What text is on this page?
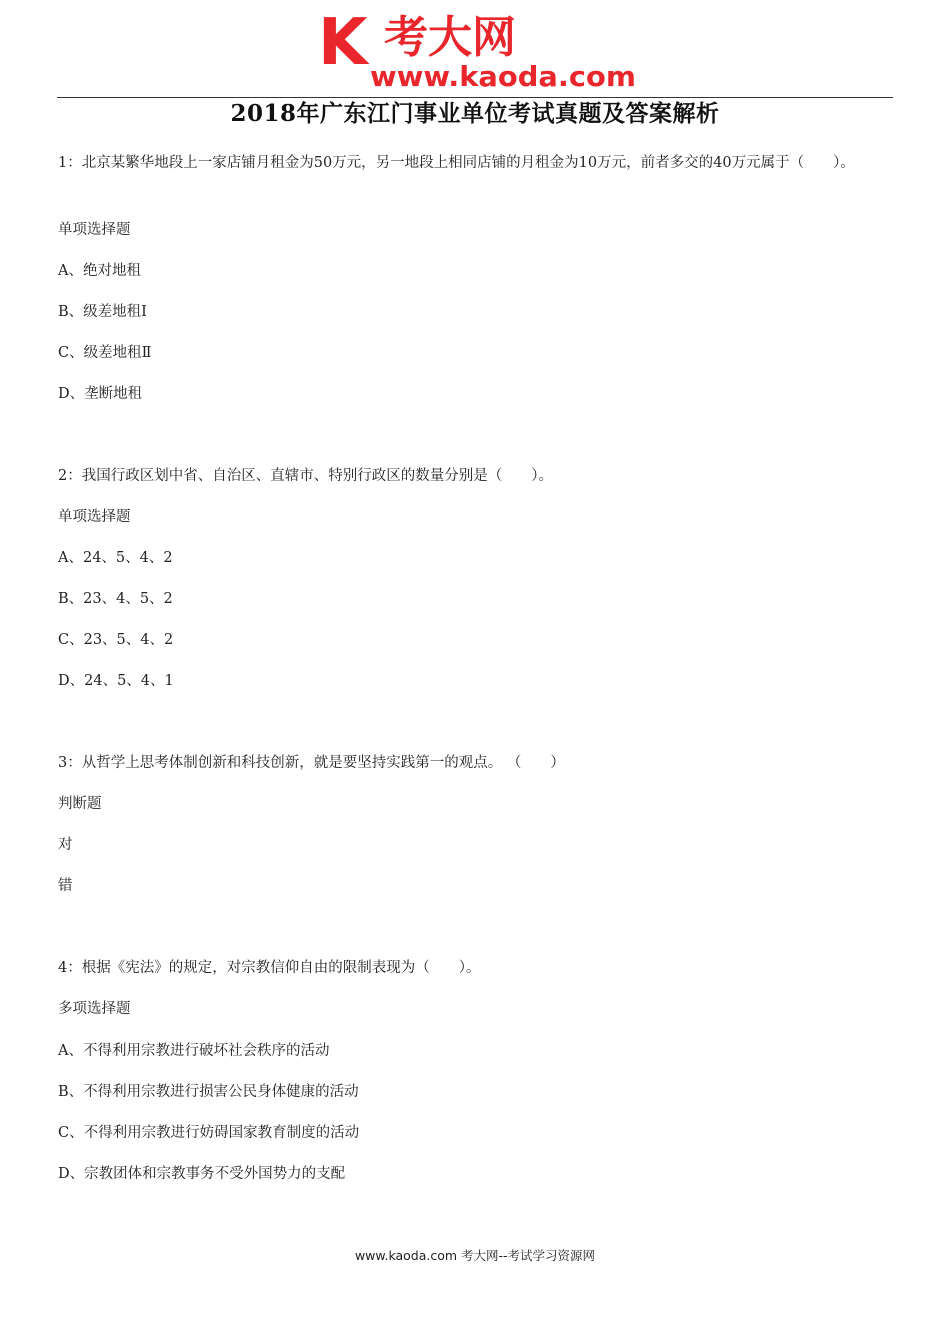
K 考大网
www.kaoda.com
2018年广东江门事业单位考试真题及答案解析
1：北京某繁华地段上一家店铺月租金为50万元，另一地段上相同店铺的月租金为10万元，前者多交的40万元属于（　　）。
单项选择题
A、绝对地租
B、级差地租Ⅰ
C、级差地租Ⅱ
D、垄断地租
2：我国行政区划中省、自治区、直辖市、特别行政区的数量分别是（　　）。
单项选择题
A、24、5、4、2
B、23、4、5、2
C、23、5、4、2
D、24、5、4、1
3：从哲学上思考体制创新和科技创新，就是要坚持实践第一的观点。 （　　）
判断题
对
错
4：根据《宪法》的规定，对宗教信仰自由的限制表现为（　　）。
多项选择题
A、不得利用宗教进行破坏社会秩序的活动
B、不得利用宗教进行损害公民身体健康的活动
C、不得利用宗教进行妨碍国家教育制度的活动
D、宗教团体和宗教事务不受外国势力的支配
www.kaoda.com 考大网--考试学习资源网
